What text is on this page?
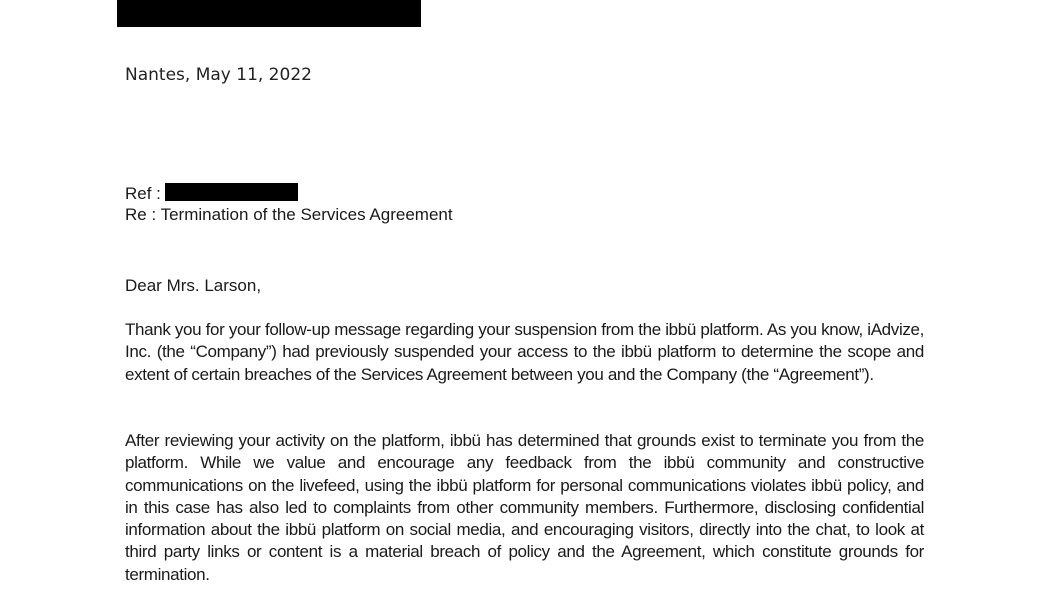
Nantes, May 11, 2022
Ref :
Re : Termination of the Services Agreement
Dear Mrs. Larson,
Thank you for your follow-up message regarding your suspension from the ibbü platform. As you know, iAdvize, Inc. (the “Company”) had previously suspended your access to the ibbü platform to determine the scope and extent of certain breaches of the Services Agreement between you and the Company (the “Agreement”).
After reviewing your activity on the platform, ibbü has determined that grounds exist to terminate you from the platform. While we value and encourage any feedback from the ibbü community and constructive communications on the livefeed, using the ibbü platform for personal communications violates ibbü policy, and in this case has also led to complaints from other community members. Furthermore, disclosing confidential information about the ibbü platform on social media, and encouraging visitors, directly into the chat, to look at third party links or content is a material breach of policy and the Agreement, which constitute grounds for termination.
